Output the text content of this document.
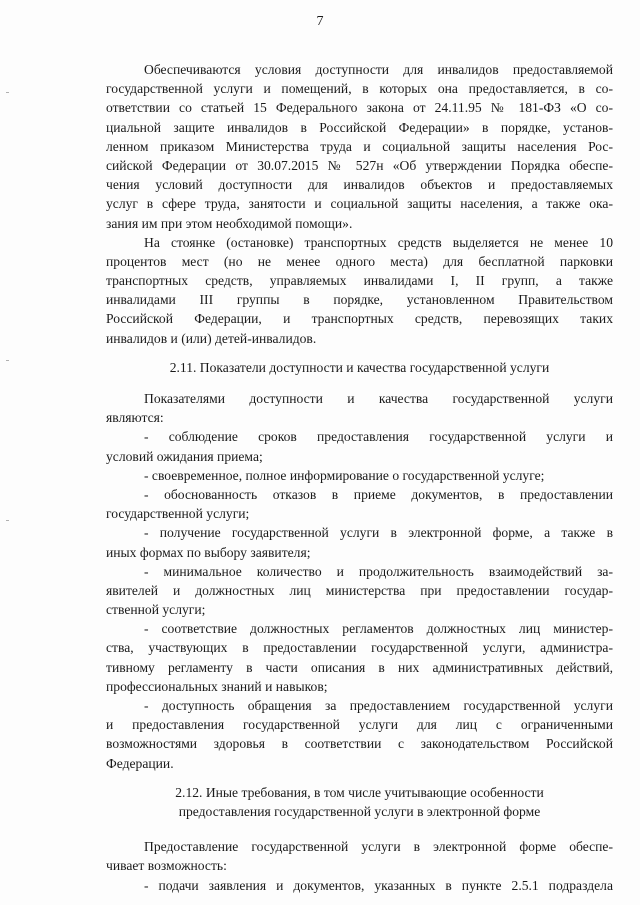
7
Обеспечиваются условия доступности для инвалидов предоставляемой
государственной услуги и помещений, в которых она предоставляется, в со-
ответствии со статьей 15 Федерального закона от 24.11.95 № 181-ФЗ «О со-
циальной защите инвалидов в Российской Федерации» в порядке, установ-
ленном приказом Министерства труда и социальной защиты населения Рос-
сийской Федерации от 30.07.2015 № 527н «Об утверждении Порядка обеспе-
чения условий доступности для инвалидов объектов и предоставляемых
услуг в сфере труда, занятости и социальной защиты населения, а также ока-
зания им при этом необходимой помощи».
На стоянке (остановке) транспортных средств выделяется не менее 10
процентов мест (но не менее одного места) для бесплатной парковки
транспортных средств, управляемых инвалидами I, II групп, а также
инвалидами III группы в порядке, установленном Правительством
Российской Федерации, и транспортных средств, перевозящих таких
инвалидов и (или) детей-инвалидов.
2.11. Показатели доступности и качества государственной услуги
Показателями доступности и качества государственной услуги
являются:
- соблюдение сроков предоставления государственной услуги и
условий ожидания приема;
- своевременное, полное информирование о государственной услуге;
- обоснованность отказов в приеме документов, в предоставлении
государственной услуги;
- получение государственной услуги в электронной форме, а также в
иных формах по выбору заявителя;
- минимальное количество и продолжительность взаимодействий за-
явителей и должностных лиц министерства при предоставлении государ-
ственной услуги;
- соответствие должностных регламентов должностных лиц министер-
ства, участвующих в предоставлении государственной услуги, администра-
тивному регламенту в части описания в них административных действий,
профессиональных знаний и навыков;
- доступность обращения за предоставлением государственной услуги
и предоставления государственной услуги для лиц с ограниченными
возможностями здоровья в соответствии с законодательством Российской
Федерации.
2.12. Иные требования, в том числе учитывающие особенности
предоставления государственной услуги в электронной форме
Предоставление государственной услуги в электронной форме обеспе-
чивает возможность:
- подачи заявления и документов, указанных в пункте 2.5.1 подраздела
